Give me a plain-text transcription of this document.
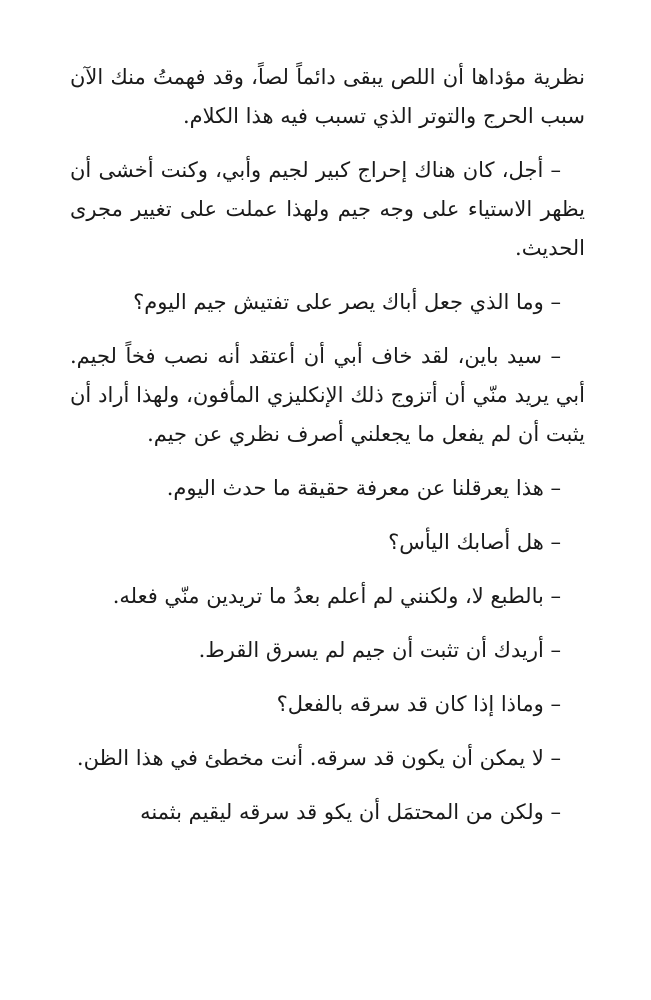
نظرية مؤداها أن اللص يبقى دائماً لصاً، وقد فهمتُ منك الآن سبب الحرج والتوتر الذي تسبب فيه هذا الكلام.

– أجل، كان هناك إحراج كبير لجيم وأبي، وكنت أخشى أن يظهر الاستياء على وجه جيم ولهذا عملت على تغيير مجرى الحديث.

– وما الذي جعل أباك يصر على تفتيش جيم اليوم؟

– سيد باين، لقد خاف أبي أن أعتقد أنه نصب فخاً لجيم. أبي يريد منّي أن أتزوج ذلك الإنكليزي المأفون، ولهذا أراد أن يثبت أن لم يفعل ما يجعلني أصرف نظري عن جيم.

– هذا يعرقلنا عن معرفة حقيقة ما حدث اليوم.

– هل أصابك اليأس؟

– بالطبع لا، ولكنني لم أعلم بعدُ ما تريدين منّي فعله.

– أريدك أن تثبت أن جيم لم يسرق القرط.

– وماذا إذا كان قد سرقه بالفعل؟

– لا يمكن أن يكون قد سرقه. أنت مخطئ في هذا الظن.

– ولكن من المحتمَل أن يكو قد سرقه ليقيم بثمنه
